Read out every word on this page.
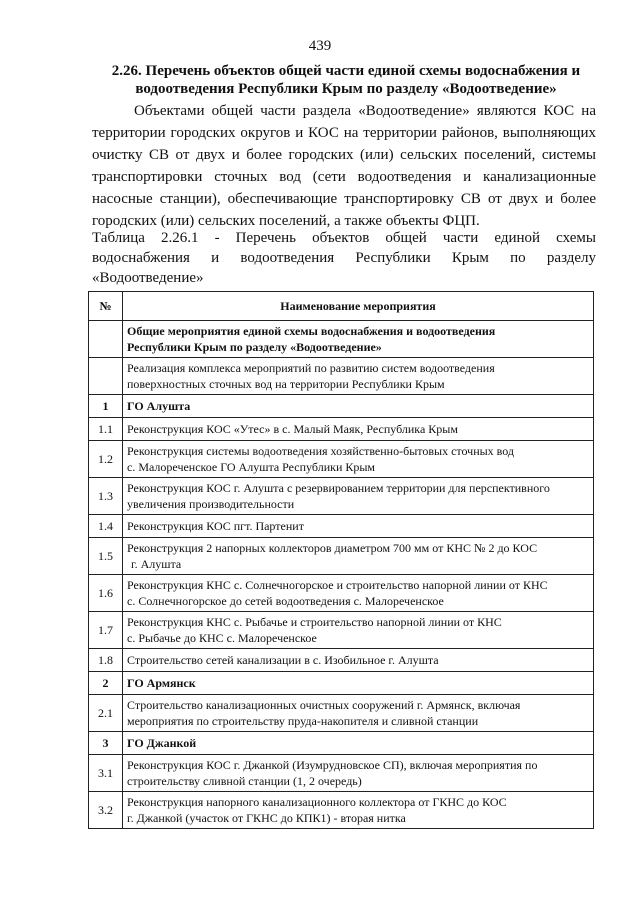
439
2.26. Перечень объектов общей части единой схемы водоснабжения и
водоотведения Республики Крым по разделу «Водоотведение»

Объектами общей части раздела «Водоотведение» являются КОС на территории городских округов и КОС на территории районов, выполняющих очистку СВ от двух и более городских (или) сельских поселений, системы транспортировки сточных вод (сети водоотведения и канализационные насосные станции), обеспечивающие транспортировку СВ от двух и более городских (или) сельских поселений, а также объекты ФЦП.

Таблица 2.26.1 - Перечень объектов общей части единой схемы водоснабжения и водоотведения Республики Крым по разделу «Водоотведение»

№	Наименование мероприятия

	Общие мероприятия единой схемы водоснабжения и водоотведения
Республики Крым по разделу «Водоотведение»

	Реализация комплекса мероприятий по развитию систем водоотведения
поверхностных сточных вод на территории Республики Крым

1	ГО Алушта
1.1	Реконструкция КОС «Утес» в с. Малый Маяк, Республика Крым
1.2	Реконструкция системы водоотведения хозяйственно-бытовых сточных вод
с. Малореченское ГО Алушта Республики Крым

1.3	Реконструкция КОС г. Алушта с резервированием территории для перспективного
увеличения производительности

1.4	Реконструкция КОС пгт. Партенит
1.5	Реконструкция 2 напорных коллекторов диаметром 700 мм от КНС № 2 до КОС
г. Алушта

1.6	Реконструкция КНС с. Солнечногорское и строительство напорной линии от КНС
с. Солнечногорское до сетей водоотведения с. Малореченское

1.7	Реконструкция КНС с. Рыбачье и строительство напорной линии от КНС
с. Рыбачье до КНС с. Малореченское

1.8	Строительство сетей канализации в с. Изобильное г. Алушта
2	ГО Армянск
2.1	Строительство канализационных очистных сооружений г. Армянск, включая
мероприятия по строительству пруда-накопителя и сливной станции

3	ГО Джанкой
3.1	Реконструкция КОС г. Джанкой (Изумрудновское СП), включая мероприятия по
строительству сливной станции (1, 2 очередь)

3.2	Реконструкция напорного канализационного коллектора от ГКНС до КОС
г. Джанкой (участок от ГКНС до КПК1) - вторая нитка
